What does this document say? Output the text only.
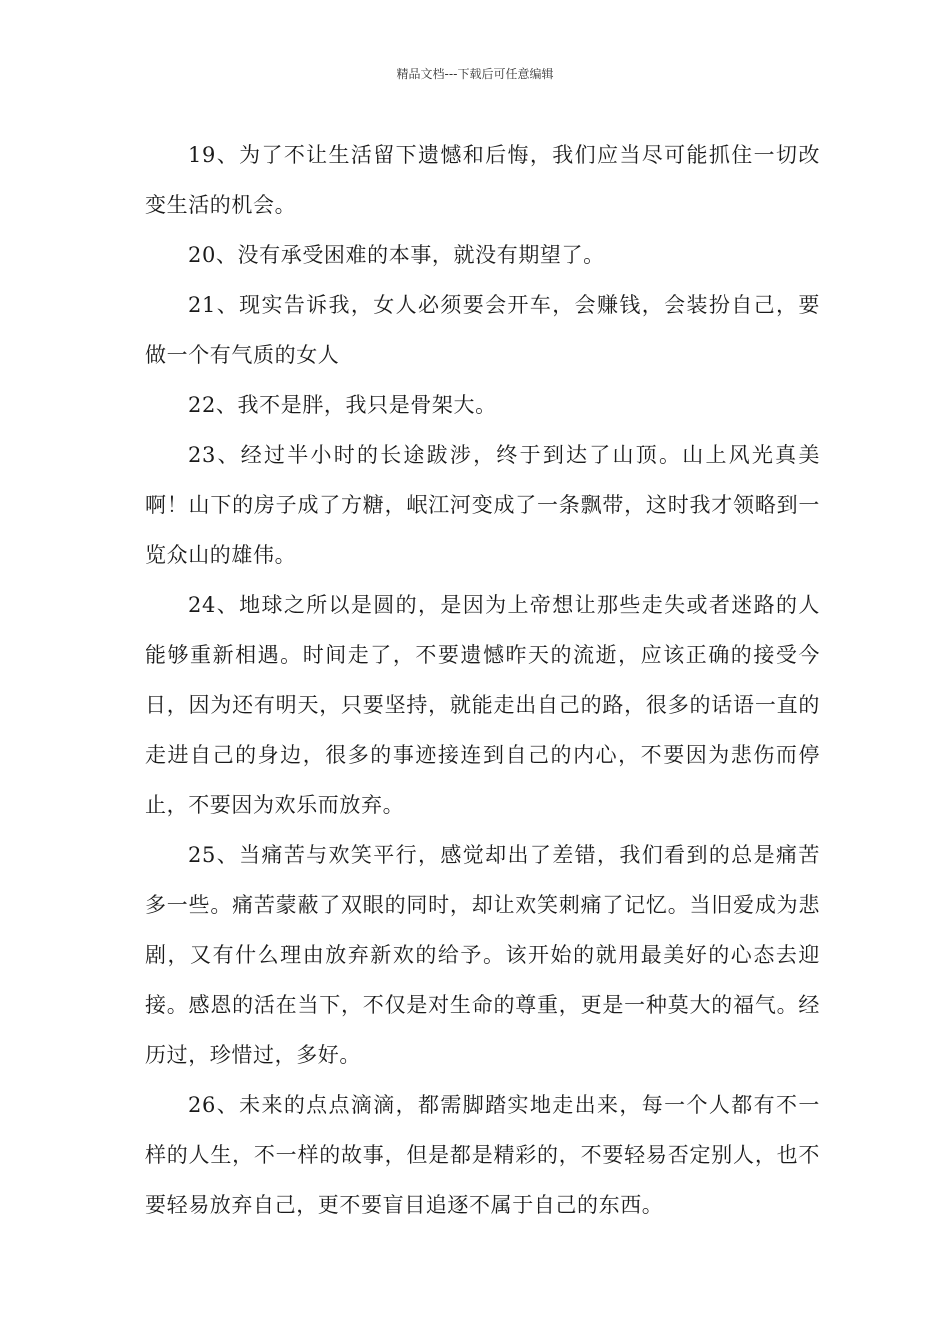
精品文档---下载后可任意编辑

19、为了不让生活留下遗憾和后悔，我们应当尽可能抓住一切改变生活的机会。

20、没有承受困难的本事，就没有期望了。

21、现实告诉我，女人必须要会开车，会赚钱，会装扮自己，要做一个有气质的女人

22、我不是胖，我只是骨架大。

23、经过半小时的长途跋涉，终于到达了山顶。山上风光真美啊！山下的房子成了方糖，岷江河变成了一条飘带，这时我才领略到一览众山的雄伟。

24、地球之所以是圆的，是因为上帝想让那些走失或者迷路的人能够重新相遇。时间走了，不要遗憾昨天的流逝，应该正确的接受今日，因为还有明天，只要坚持，就能走出自己的路，很多的话语一直的走进自己的身边，很多的事迹接连到自己的内心，不要因为悲伤而停止，不要因为欢乐而放弃。

25、当痛苦与欢笑平行，感觉却出了差错，我们看到的总是痛苦多一些。痛苦蒙蔽了双眼的同时，却让欢笑刺痛了记忆。当旧爱成为悲剧，又有什么理由放弃新欢的给予。该开始的就用最美好的心态去迎接。感恩的活在当下，不仅是对生命的尊重，更是一种莫大的福气。经历过，珍惜过，多好。

26、未来的点点滴滴，都需脚踏实地走出来，每一个人都有不一样的人生，不一样的故事，但是都是精彩的，不要轻易否定别人，也不要轻易放弃自己，更不要盲目追逐不属于自己的东西。
